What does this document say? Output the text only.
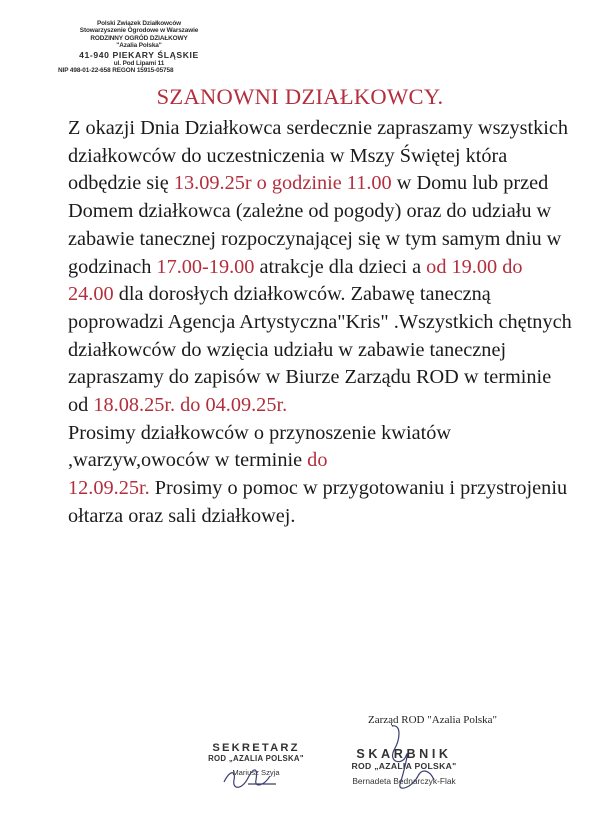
Polski Związek Działkowców
Stowarzyszenie Ogrodowe w Warszawie
RODZINNY OGRÓD DZIAŁKOWY
"Azalia Polska"
41-940 PIEKARY ŚLĄSKIE
ul. Pod Lipami 11
NIP 498-01-22-658 REGON 15915-05758
SZANOWNI DZIAŁKOWCY.

Z okazji Dnia Działkowca serdecznie zapraszamy wszystkich działkowców do uczestniczenia w Mszy Świętej która odbędzie się 13.09.25r o godzinie 11.00 w Domu lub przed Domem działkowca (zależne od pogody) oraz do udziału w zabawie tanecznej rozpoczynającej się w tym samym dniu w godzinach 17.00-19.00 atrakcje dla dzieci a od 19.00 do 24.00 dla dorosłych działkowców. Zabawę taneczną poprowadzi Agencja Artystyczna"Kris" .Wszystkich chętnych działkowców do wzięcia udziału w zabawie tanecznej zapraszamy do zapisów w Biurze Zarządu ROD w terminie od 18.08.25r. do 04.09.25r.

Prosimy działkowców o przynoszenie kwiatów ,warzyw,owoców w terminie do
12.09.25r. Prosimy o pomoc w przygotowaniu i przystrojeniu ołtarza oraz sali działkowej.

Zarząd ROD "Azalia Polska"
SEKRETARZ
ROD „AZALIA POLSKA"
Mariusz Szyja
SKARBNIK
ROD „AZALIA POLSKA"
Bernadeta Bednarczyk-Flak
